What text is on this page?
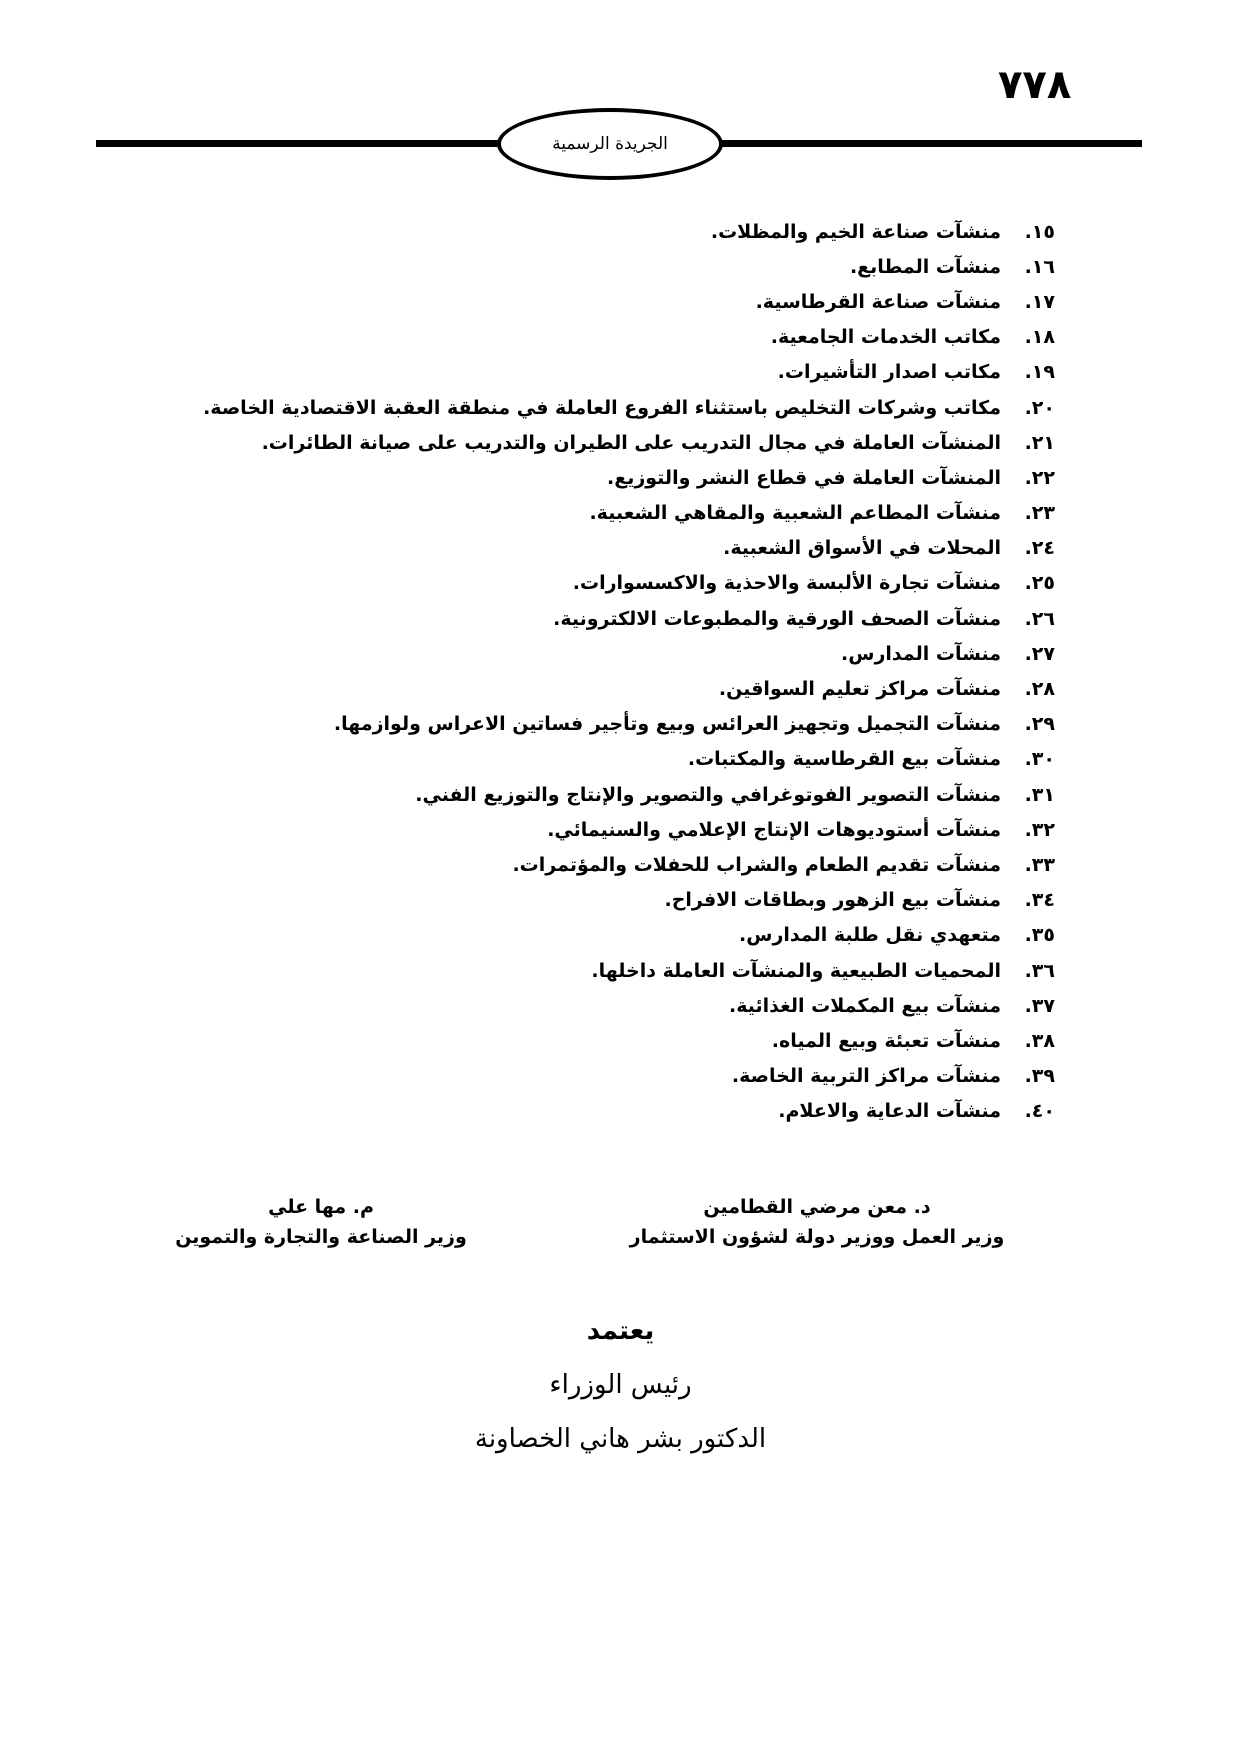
٧٧٨
الجريدة الرسمية
١٥.
منشآت صناعة الخيم والمظلات.
١٦.
منشآت المطابع.
١٧.
منشآت صناعة القرطاسية.
١٨.
مكاتب الخدمات الجامعية.
١٩.
مكاتب اصدار التأشيرات.
٢٠.
مكاتب وشركات التخليص باستثناء الفروع العاملة في منطقة العقبة الاقتصادية الخاصة.
٢١.
المنشآت العاملة في مجال التدريب على الطيران والتدريب على صيانة الطائرات.
٢٢.
المنشآت العاملة في قطاع النشر والتوزيع.
٢٣.
منشآت المطاعم الشعبية والمقاهي الشعبية.
٢٤.
المحلات في الأسواق الشعبية.
٢٥.
منشآت تجارة الألبسة والاحذية والاكسسوارات.
٢٦.
منشآت الصحف الورقية والمطبوعات الالكترونية.
٢٧.
منشآت المدارس.
٢٨.
منشآت مراكز تعليم السواقين.
٢٩.
منشآت التجميل وتجهيز العرائس وبيع وتأجير فساتين الاعراس ولوازمها.
٣٠.
منشآت بيع القرطاسية والمكتبات.
٣١.
منشآت التصوير الفوتوغرافي والتصوير والإنتاج والتوزيع الفني.
٣٢.
منشآت أستوديوهات الإنتاج الإعلامي والسنيمائي.
٣٣.
منشآت تقديم الطعام والشراب للحفلات والمؤتمرات.
٣٤.
منشآت بيع الزهور وبطاقات الافراح.
٣٥.
متعهدي نقل طلبة المدارس.
٣٦.
المحميات الطبيعية والمنشآت العاملة داخلها.
٣٧.
منشآت بيع المكملات الغذائية.
٣٨.
منشآت تعبئة وبيع المياه.
٣٩.
منشآت مراكز التربية الخاصة.
٤٠.
منشآت الدعاية والاعلام.
د. معن مرضي القطامين
وزير العمل ووزير دولة لشؤون الاستثمار
م. مها علي
وزير الصناعة والتجارة والتموين
يعتمد
رئيس الوزراء
الدكتور بشر هاني الخصاونة
